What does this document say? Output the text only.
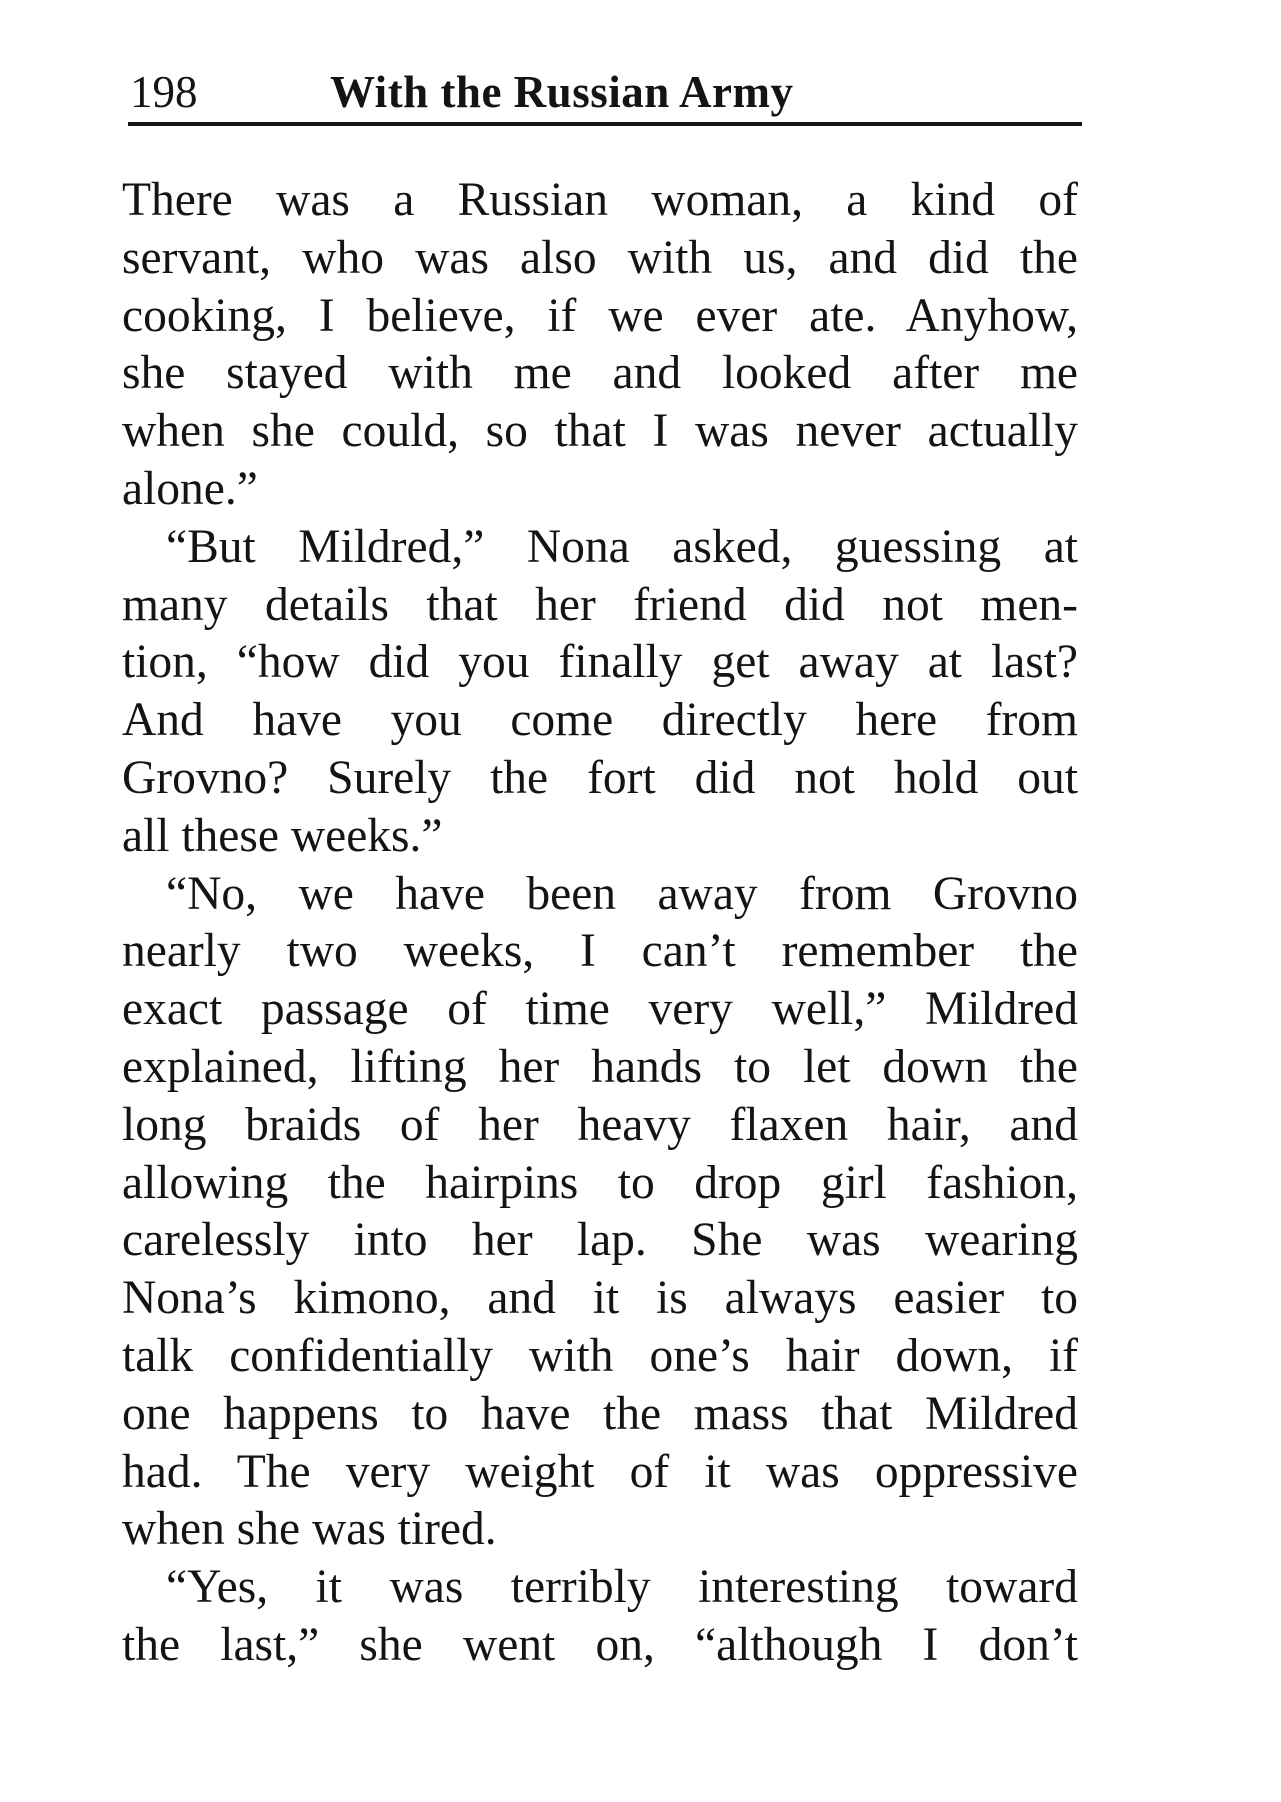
198	With the Russian Army
There was a Russian woman, a kind of
servant, who was also with us, and did the
cooking, I believe, if we ever ate. Anyhow,
she stayed with me and looked after me
when she could, so that I was never actually
alone.”
“But Mildred,” Nona asked, guessing at
many details that her friend did not men-
tion, “how did you finally get away at last?
And have you come directly here from
Grovno? Surely the fort did not hold out
all these weeks.”
“No, we have been away from Grovno
nearly two weeks, I can’t remember the
exact passage of time very well,” Mildred
explained, lifting her hands to let down the
long braids of her heavy flaxen hair, and
allowing the hairpins to drop girl fashion,
carelessly into her lap. She was wearing
Nona’s kimono, and it is always easier to
talk confidentially with one’s hair down, if
one happens to have the mass that Mildred
had. The very weight of it was oppressive
when she was tired.
“Yes, it was terribly interesting toward
the last,” she went on, “although I don’t
